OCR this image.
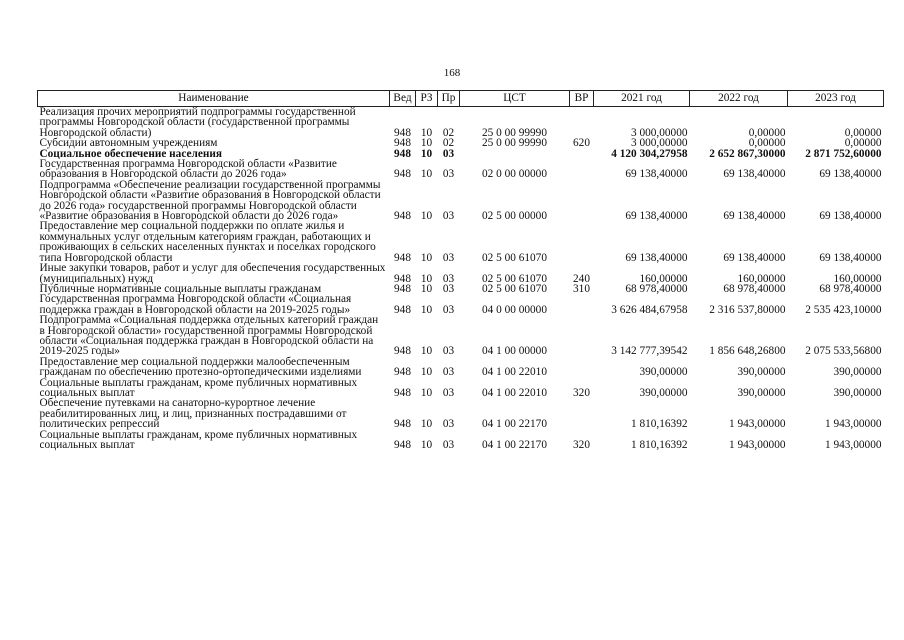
168
Наименование	Вед	РЗ	Пр	ЦСТ	ВР	2021 год	2022 год	2023 год
Реализация прочих мероприятий подпрограммы государственной программы Новгородской области (государственной программы Новгородской области)	948	10	02	25 0 00 99990		3 000,00000	0,00000	0,00000
Субсидии автономным учреждениям	948	10	02	25 0 00 99990	620	3 000,00000	0,00000	0,00000
Социальное обеспечение населения	948	10	03			4 120 304,27958	2 652 867,30000	2 871 752,60000
Государственная программа Новгородской области «Развитие образования в Новгородской области до 2026 года»	948	10	03	02 0 00 00000		69 138,40000	69 138,40000	69 138,40000
Подпрограмма «Обеспечение реализации государственной программы Новгородской области «Развитие образования в Новгородской области до 2026 года» государственной программы Новгородской области «Развитие образования в Новгородской области до 2026 года»	948	10	03	02 5 00 00000		69 138,40000	69 138,40000	69 138,40000
Предоставление мер социальной поддержки по оплате жилья и коммунальных услуг отдельным категориям граждан, работающих и проживающих в сельских населенных пунктах и поселках городского типа Новгородской области	948	10	03	02 5 00 61070		69 138,40000	69 138,40000	69 138,40000
Иные закупки товаров, работ и услуг для обеспечения государственных (муниципальных) нужд	948	10	03	02 5 00 61070	240	160,00000	160,00000	160,00000
Публичные нормативные социальные выплаты гражданам	948	10	03	02 5 00 61070	310	68 978,40000	68 978,40000	68 978,40000
Государственная программа Новгородской области «Социальная поддержка граждан в Новгородской области на 2019-2025 годы»	948	10	03	04 0 00 00000		3 626 484,67958	2 316 537,80000	2 535 423,10000
Подпрограмма «Социальная поддержка отдельных категорий граждан в Новгородской области» государственной программы Новгородской области «Социальная поддержка граждан в Новгородской области на 2019-2025 годы»	948	10	03	04 1 00 00000		3 142 777,39542	1 856 648,26800	2 075 533,56800
Предоставление мер социальной поддержки малообеспеченным гражданам по обеспечению протезно-ортопедическими изделиями	948	10	03	04 1 00 22010		390,00000	390,00000	390,00000
Социальные выплаты гражданам, кроме публичных нормативных социальных выплат	948	10	03	04 1 00 22010	320	390,00000	390,00000	390,00000
Обеспечение путевками на санаторно-курортное лечение реабилитированных лиц, и лиц, признанных пострадавшими от политических репрессий	948	10	03	04 1 00 22170		1 810,16392	1 943,00000	1 943,00000
Социальные выплаты гражданам, кроме публичных нормативных социальных выплат	948	10	03	04 1 00 22170	320	1 810,16392	1 943,00000	1 943,00000
